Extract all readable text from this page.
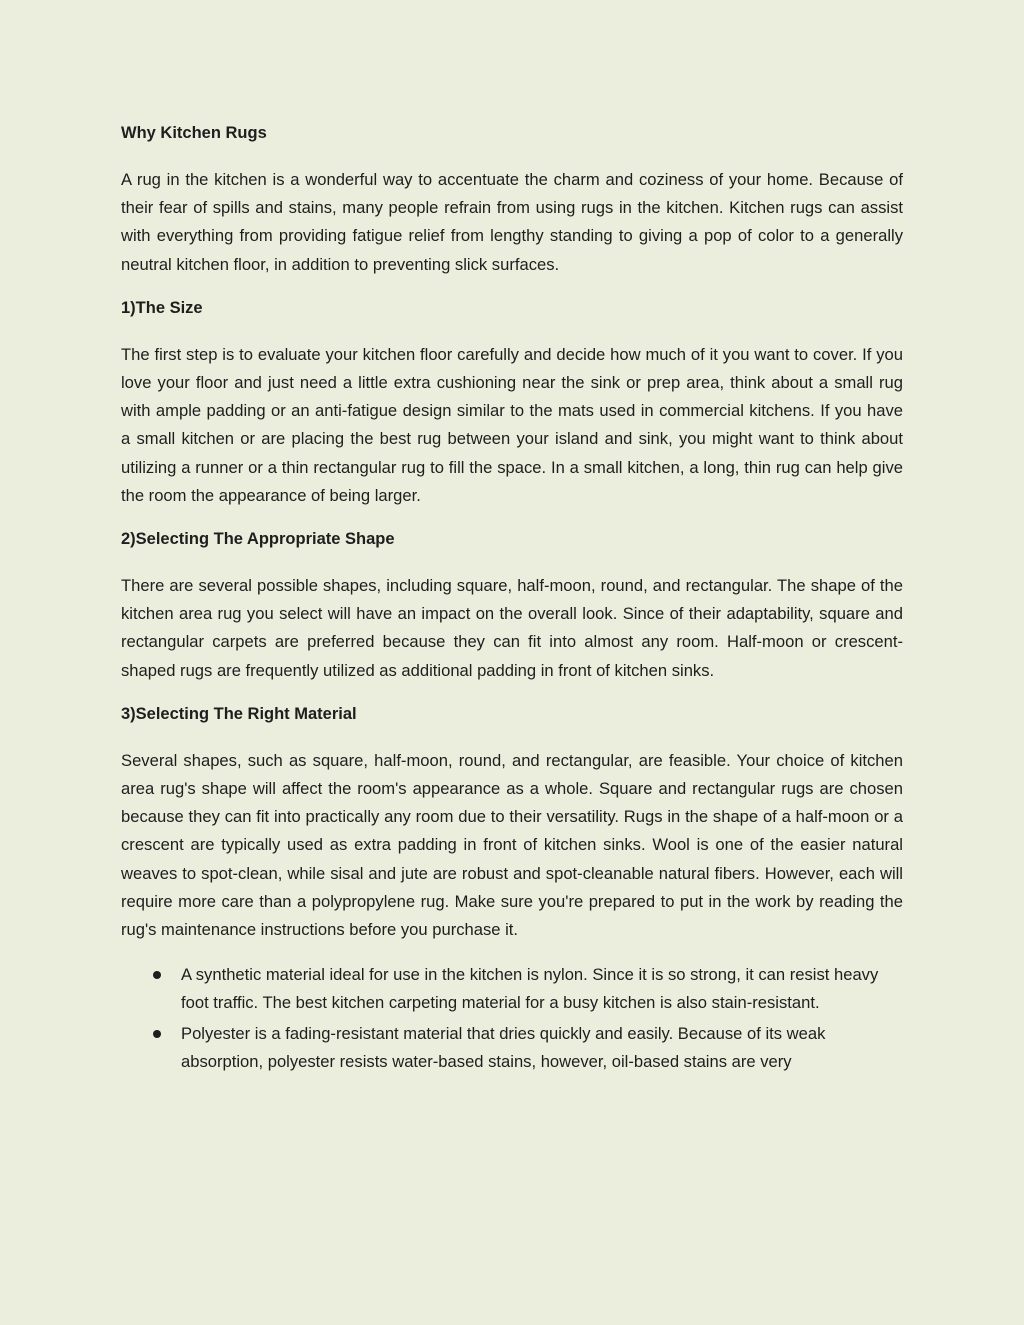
Why Kitchen Rugs

A rug in the kitchen is a wonderful way to accentuate the charm and coziness of your home. Because of their fear of spills and stains, many people refrain from using rugs in the kitchen. Kitchen rugs can assist with everything from providing fatigue relief from lengthy standing to giving a pop of color to a generally neutral kitchen floor, in addition to preventing slick surfaces.

1)The Size

The first step is to evaluate your kitchen floor carefully and decide how much of it you want to cover. If you love your floor and just need a little extra cushioning near the sink or prep area, think about a small rug with ample padding or an anti-fatigue design similar to the mats used in commercial kitchens. If you have a small kitchen or are placing the best rug between your island and sink, you might want to think about utilizing a runner or a thin rectangular rug to fill the space. In a small kitchen, a long, thin rug can help give the room the appearance of being larger.

2)Selecting The Appropriate Shape

There are several possible shapes, including square, half-moon, round, and rectangular. The shape of the kitchen area rug you select will have an impact on the overall look. Since of their adaptability, square and rectangular carpets are preferred because they can fit into almost any room. Half-moon or crescent-shaped rugs are frequently utilized as additional padding in front of kitchen sinks.

3)Selecting The Right Material

Several shapes, such as square, half-moon, round, and rectangular, are feasible. Your choice of kitchen area rug's shape will affect the room's appearance as a whole. Square and rectangular rugs are chosen because they can fit into practically any room due to their versatility. Rugs in the shape of a half-moon or a crescent are typically used as extra padding in front of kitchen sinks. Wool is one of the easier natural weaves to spot-clean, while sisal and jute are robust and spot-cleanable natural fibers. However, each will require more care than a polypropylene rug. Make sure you're prepared to put in the work by reading the rug's maintenance instructions before you purchase it.

A synthetic material ideal for use in the kitchen is nylon. Since it is so strong, it can resist heavy foot traffic. The best kitchen carpeting material for a busy kitchen is also stain-resistant.
Polyester is a fading-resistant material that dries quickly and easily. Because of its weak absorption, polyester resists water-based stains, however, oil-based stains are very
